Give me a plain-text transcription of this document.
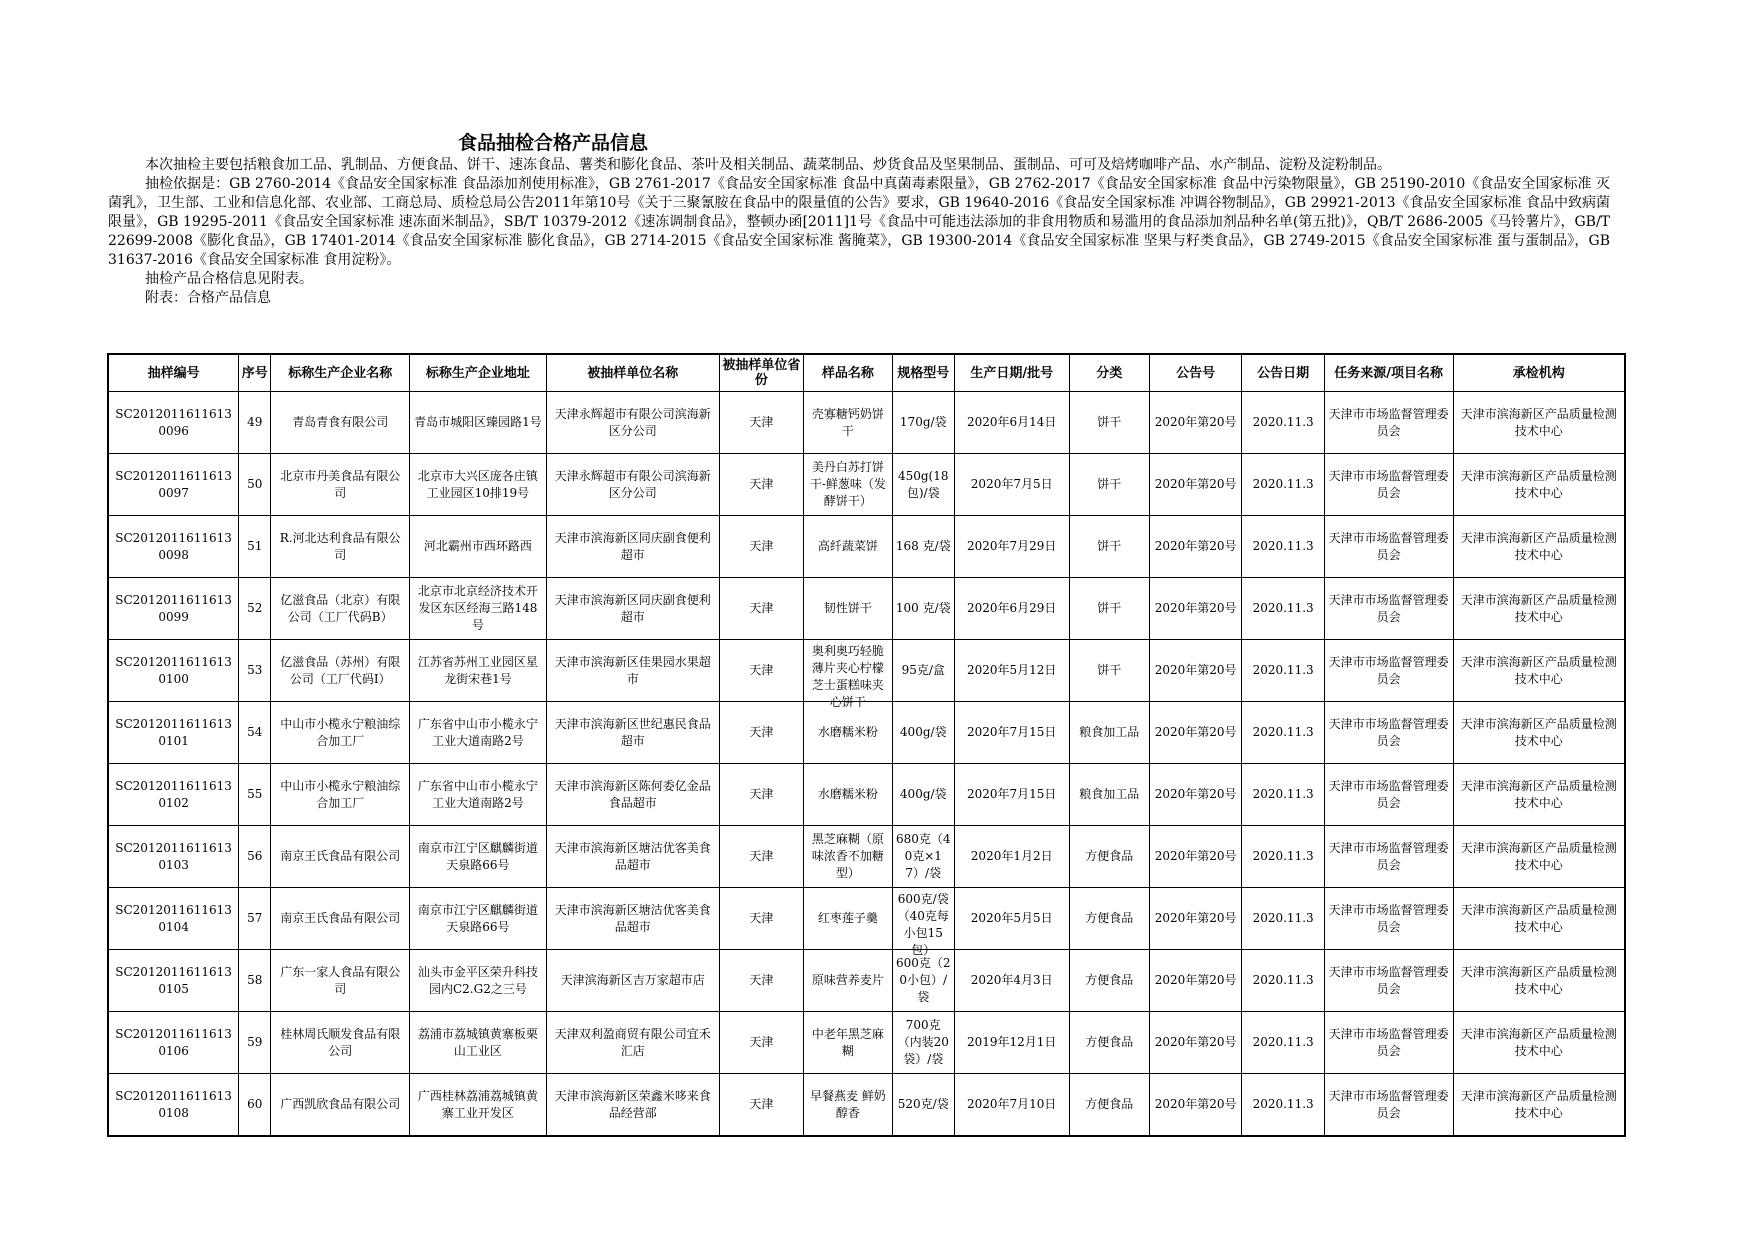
食品抽检合格产品信息

本次抽检主要包括粮食加工品、乳制品、方便食品、饼干、速冻食品、薯类和膨化食品、茶叶及相关制品、蔬菜制品、炒货食品及坚果制品、蛋制品、可可及焙烤咖啡产品、水产制品、淀粉及淀粉制品。

抽检依据是：GB 2760-2014《食品安全国家标准 食品添加剂使用标准》，GB 2761-2017《食品安全国家标准 食品中真菌毒素限量》，GB 2762-2017《食品安全国家标准 食品中污染物限量》，GB 25190-2010《食品安全国家标准 灭菌乳》，卫生部、工业和信息化部、农业部、工商总局、质检总局公告2011年第10号《关于三聚氰胺在食品中的限量值的公告》要求，GB 19640-2016《食品安全国家标准 冲调谷物制品》，GB 29921-2013《食品安全国家标准 食品中致病菌限量》，GB 19295-2011《食品安全国家标准 速冻面米制品》，SB/T 10379-2012《速冻调制食品》，整顿办函[2011]1号《食品中可能违法添加的非食用物质和易滥用的食品添加剂品种名单(第五批)》，QB/T 2686-2005《马铃薯片》，GB/T 22699-2008《膨化食品》，GB 17401-2014《食品安全国家标准 膨化食品》，GB 2714-2015《食品安全国家标准 酱腌菜》，GB 19300-2014《食品安全国家标准 坚果与籽类食品》，GB 2749-2015《食品安全国家标准 蛋与蛋制品》，GB 31637-2016《食品安全国家标准 食用淀粉》。

抽检产品合格信息见附表。

附表：合格产品信息

抽样编号	序号	标称生产企业名称	标称生产企业地址	被抽样单位名称	被抽样单位省份	样品名称	规格型号	生产日期/批号	分类	公告号	公告日期	任务来源/项目名称	承检机构

SC20120116116130096	49	青岛青食有限公司	青岛市城阳区臻园路1号	天津永辉超市有限公司滨海新区分公司	天津	壳寡糖钙奶饼干	170g/袋	2020年6月14日	饼干	2020年第20号	2020.11.3	天津市市场监督管理委员会	天津市滨海新区产品质量检测技术中心

SC20120116116130097	50	北京市丹美食品有限公司	北京市大兴区庞各庄镇工业园区10排19号	天津永辉超市有限公司滨海新区分公司	天津	美丹白苏打饼干-鲜葱味（发酵饼干）	450g(18包)/袋	2020年7月5日	饼干	2020年第20号	2020.11.3	天津市市场监督管理委员会	天津市滨海新区产品质量检测技术中心

SC20120116116130098	51	R.河北达利食品有限公司	河北霸州市西环路西	天津市滨海新区同庆副食便利超市	天津	高纤蔬菜饼	168 克/袋	2020年7月29日	饼干	2020年第20号	2020.11.3	天津市市场监督管理委员会	天津市滨海新区产品质量检测技术中心

SC20120116116130099	52	亿滋食品（北京）有限公司（工厂代码B）	北京市北京经济技术开发区东区经海三路148号	天津市滨海新区同庆副食便利超市	天津	韧性饼干	100 克/袋	2020年6月29日	饼干	2020年第20号	2020.11.3	天津市市场监督管理委员会	天津市滨海新区产品质量检测技术中心

SC20120116116130100	53	亿滋食品（苏州）有限公司（工厂代码I）	江苏省苏州工业园区星龙街宋巷1号	天津市滨海新区佳果园水果超市	天津	奥利奥巧轻脆薄片夹心柠檬芝士蛋糕味夹心饼干	95克/盒	2020年5月12日	饼干	2020年第20号	2020.11.3	天津市市场监督管理委员会	天津市滨海新区产品质量检测技术中心

SC20120116116130101	54	中山市小榄永宁粮油综合加工厂	广东省中山市小榄永宁工业大道南路2号	天津市滨海新区世纪惠民食品超市	天津	水磨糯米粉	400g/袋	2020年7月15日	粮食加工品	2020年第20号	2020.11.3	天津市市场监督管理委员会	天津市滨海新区产品质量检测技术中心

SC20120116116130102	55	中山市小榄永宁粮油综合加工厂	广东省中山市小榄永宁工业大道南路2号	天津市滨海新区陈何委亿金品食品超市	天津	水磨糯米粉	400g/袋	2020年7月15日	粮食加工品	2020年第20号	2020.11.3	天津市市场监督管理委员会	天津市滨海新区产品质量检测技术中心

SC20120116116130103	56	南京王氏食品有限公司	南京市江宁区麒麟街道天泉路66号	天津市滨海新区塘沽优客美食品超市	天津	黑芝麻糊（原味浓香不加糖型）	680克（40克×17）/袋	2020年1月2日	方便食品	2020年第20号	2020.11.3	天津市市场监督管理委员会	天津市滨海新区产品质量检测技术中心

SC20120116116130104	57	南京王氏食品有限公司	南京市江宁区麒麟街道天泉路66号	天津市滨海新区塘沽优客美食品超市	天津	红枣莲子羹	600克/袋（40克每小包15包）	2020年5月5日	方便食品	2020年第20号	2020.11.3	天津市市场监督管理委员会	天津市滨海新区产品质量检测技术中心

SC20120116116130105	58	广东一家人食品有限公司	汕头市金平区荣升科技园内C2.G2之三号	天津滨海新区吉万家超市店	天津	原味营养麦片	600克（20小包）/袋	2020年4月3日	方便食品	2020年第20号	2020.11.3	天津市市场监督管理委员会	天津市滨海新区产品质量检测技术中心

SC20120116116130106	59	桂林周氏顺发食品有限公司	荔浦市荔城镇黄寨板栗山工业区	天津双利盈商贸有限公司宜禾汇店	天津	中老年黑芝麻糊	700克（内装20袋）/袋	2019年12月1日	方便食品	2020年第20号	2020.11.3	天津市市场监督管理委员会	天津市滨海新区产品质量检测技术中心

SC20120116116130108	60	广西凯欣食品有限公司	广西桂林荔浦荔城镇黄寨工业开发区	天津市滨海新区荣鑫米哆来食品经营部	天津	早餐燕麦 鲜奶醇香	520克/袋	2020年7月10日	方便食品	2020年第20号	2020.11.3	天津市市场监督管理委员会	天津市滨海新区产品质量检测技术中心
